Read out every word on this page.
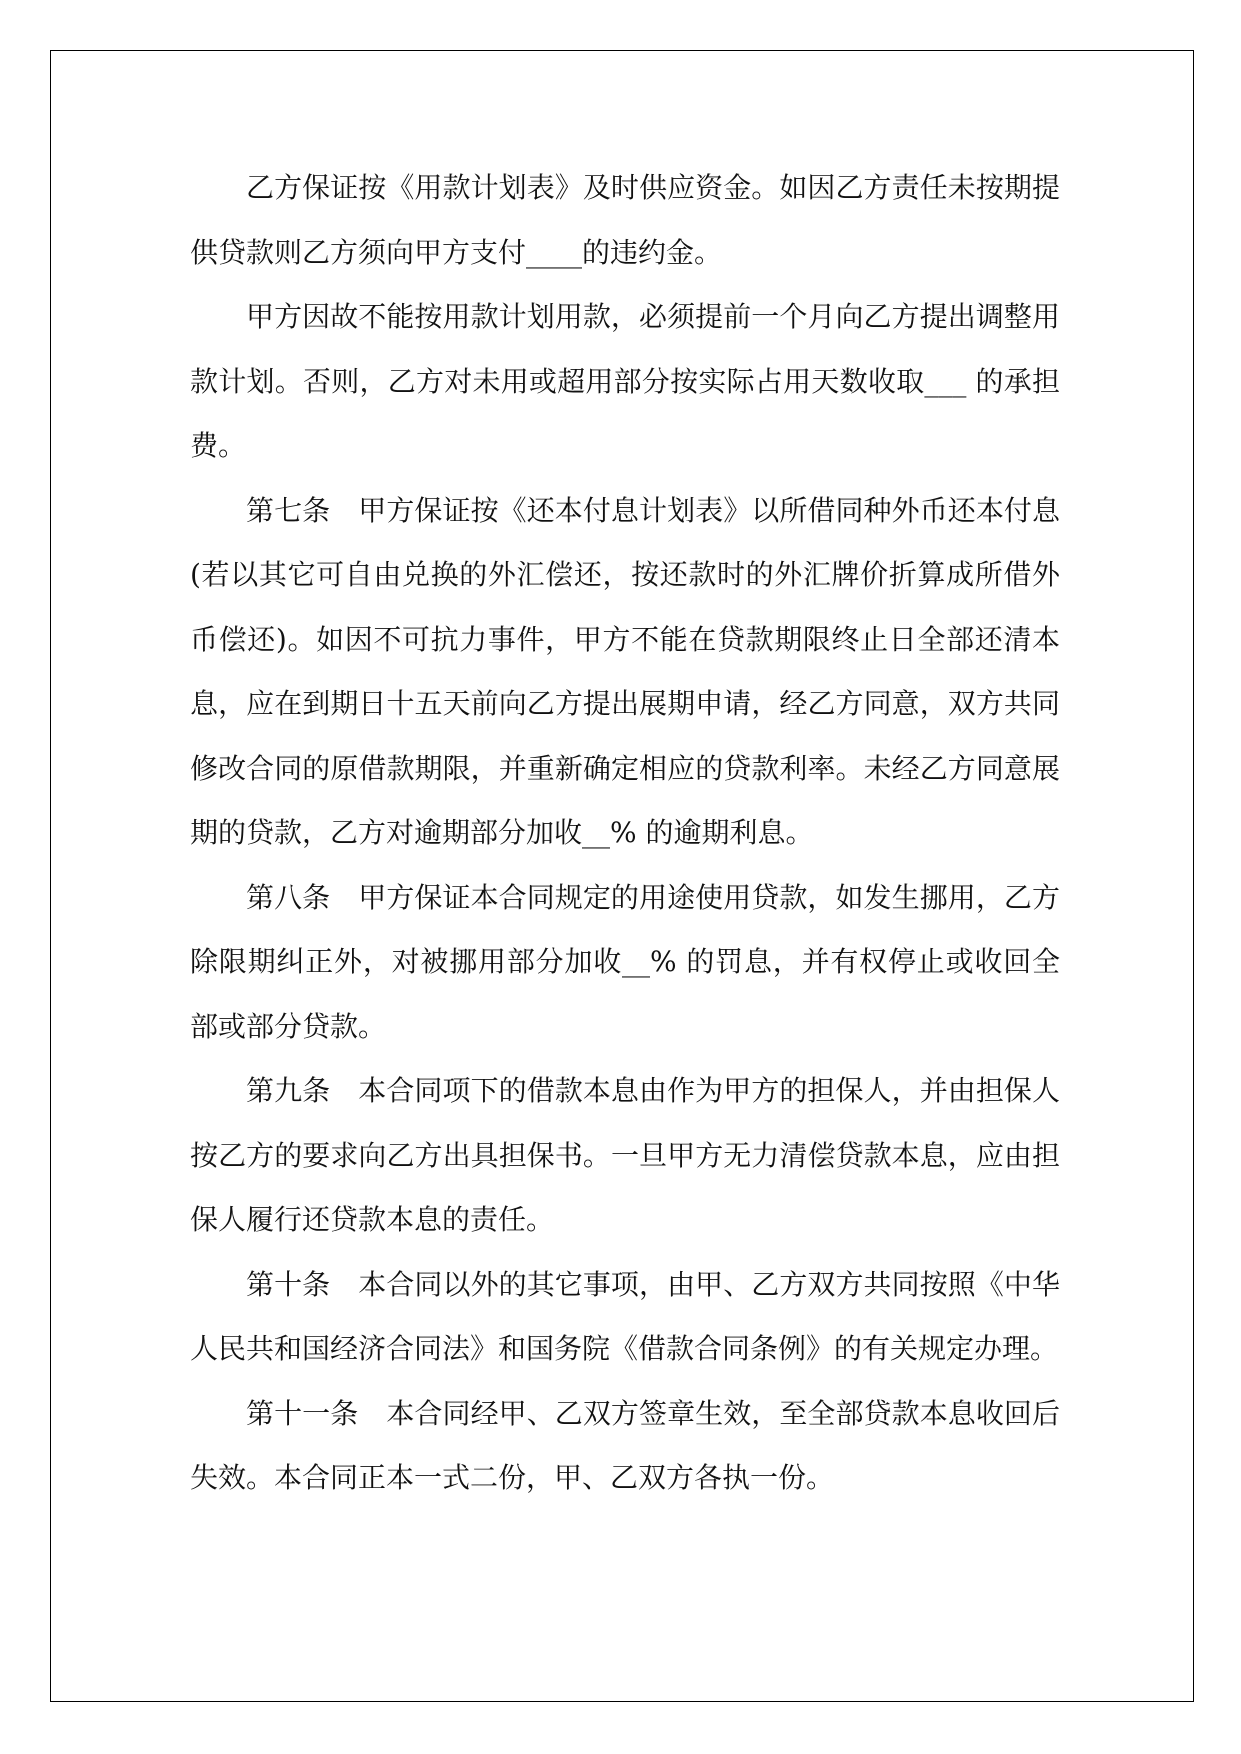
乙方保证按《用款计划表》及时供应资金。如因乙方责任未按期提供贷款则乙方须向甲方支付____的违约金。

甲方因故不能按用款计划用款，必须提前一个月向乙方提出调整用款计划。否则，乙方对未用或超用部分按实际占用天数收取___ 的承担费。

第七条　甲方保证按《还本付息计划表》以所借同种外币还本付息(若以其它可自由兑换的外汇偿还，按还款时的外汇牌价折算成所借外币偿还)。如因不可抗力事件，甲方不能在贷款期限终止日全部还清本息，应在到期日十五天前向乙方提出展期申请，经乙方同意，双方共同修改合同的原借款期限，并重新确定相应的贷款利率。未经乙方同意展期的贷款，乙方对逾期部分加收__% 的逾期利息。

第八条　甲方保证本合同规定的用途使用贷款，如发生挪用，乙方除限期纠正外，对被挪用部分加收__% 的罚息，并有权停止或收回全部或部分贷款。

第九条　本合同项下的借款本息由作为甲方的担保人，并由担保人按乙方的要求向乙方出具担保书。一旦甲方无力清偿贷款本息，应由担保人履行还贷款本息的责任。

第十条　本合同以外的其它事项，由甲、乙方双方共同按照《中华人民共和国经济合同法》和国务院《借款合同条例》的有关规定办理。

第十一条　本合同经甲、乙双方签章生效，至全部贷款本息收回后失效。本合同正本一式二份，甲、乙双方各执一份。
